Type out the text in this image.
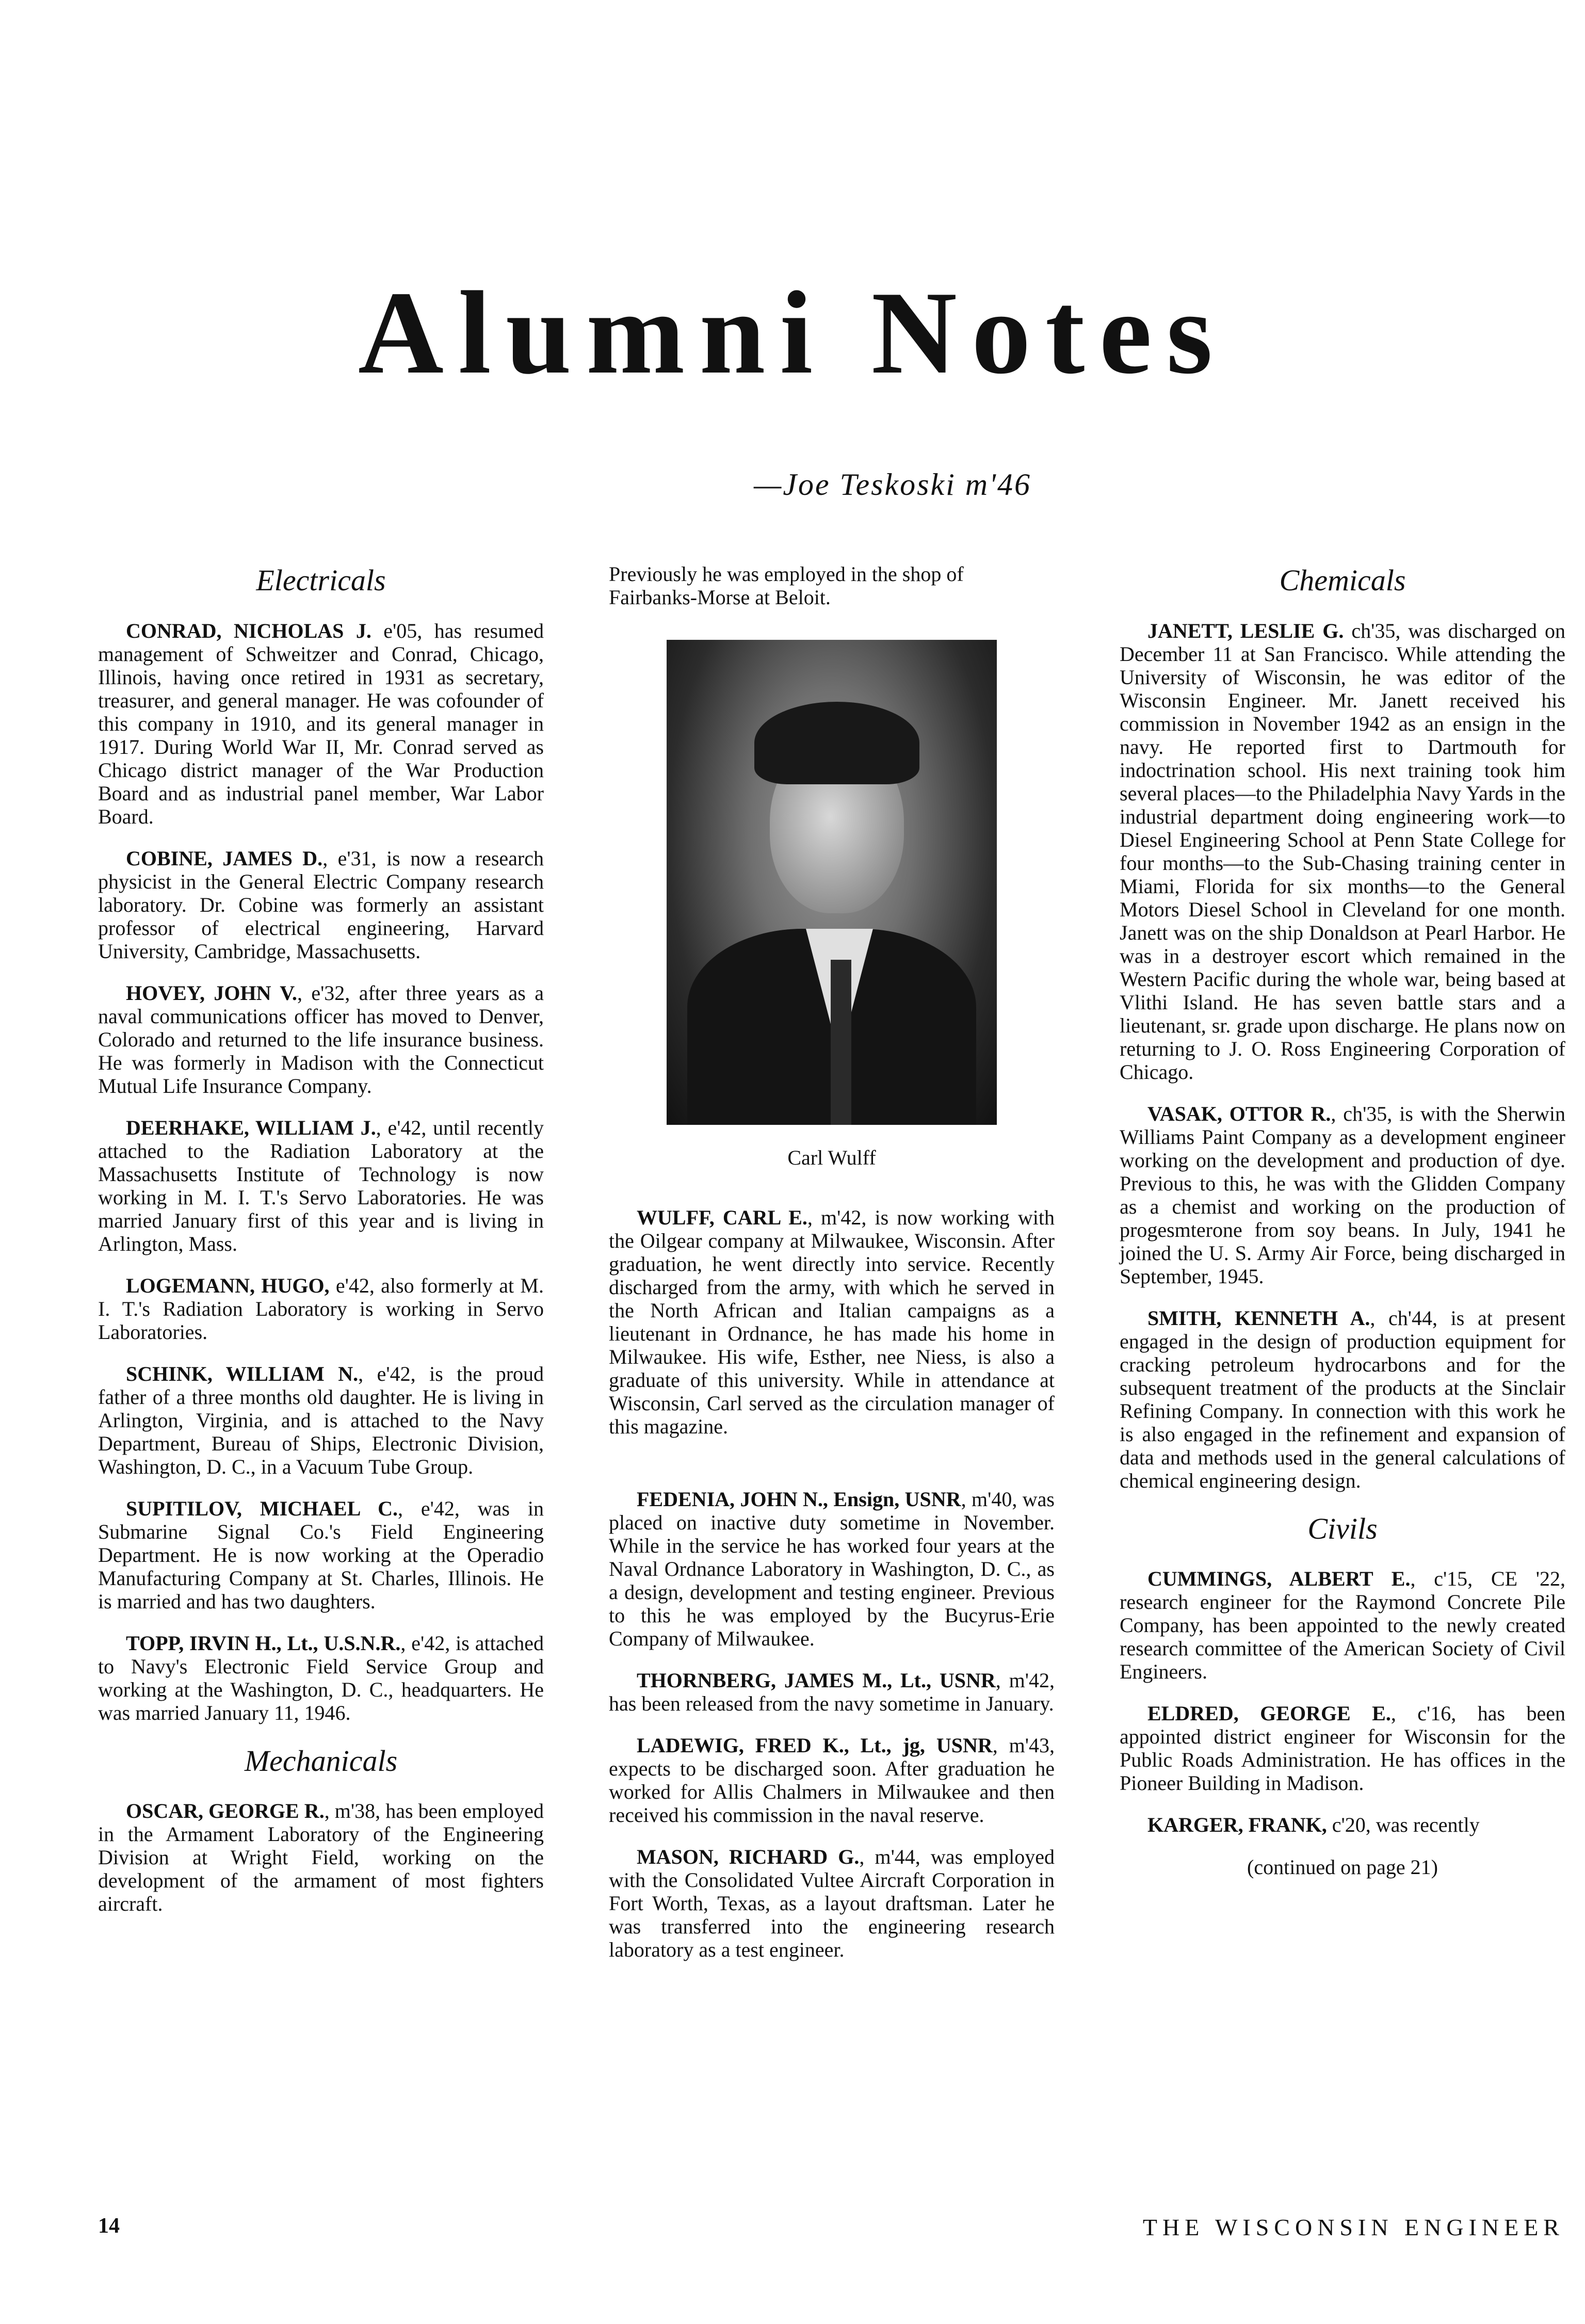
Alumni Notes
—Joe Teskoski m'46
Electricals

CONRAD, NICHOLAS J. e'05, has resumed management of Schweitzer and Conrad, Chicago, Illinois, having once retired in 1931 as secretary, treasurer, and general manager. He was cofounder of this company in 1910, and its general manager in 1917. During World War II, Mr. Conrad served as Chicago district manager of the War Production Board and as industrial panel member, War Labor Board.

COBINE, JAMES D., e'31, is now a research physicist in the General Electric Company research laboratory. Dr. Cobine was formerly an assistant professor of electrical engineering, Harvard University, Cambridge, Massachusetts.

HOVEY, JOHN V., e'32, after three years as a naval communications officer has moved to Denver, Colorado and returned to the life insurance business. He was formerly in Madison with the Connecticut Mutual Life Insurance Company.

DEERHAKE, WILLIAM J., e'42, until recently attached to the Radiation Laboratory at the Massachusetts Institute of Technology is now working in M. I. T.'s Servo Laboratories. He was married January first of this year and is living in Arlington, Mass.

LOGEMANN, HUGO, e'42, also formerly at M. I. T.'s Radiation Laboratory is working in Servo Laboratories.

SCHINK, WILLIAM N., e'42, is the proud father of a three months old daughter. He is living in Arlington, Virginia, and is attached to the Navy Department, Bureau of Ships, Electronic Division, Washington, D. C., in a Vacuum Tube Group.

SUPITILOV, MICHAEL C., e'42, was in Submarine Signal Co.'s Field Engineering Department. He is now working at the Operadio Manufacturing Company at St. Charles, Illinois. He is married and has two daughters.

TOPP, IRVIN H., Lt., U.S.N.R., e'42, is attached to Navy's Electronic Field Service Group and working at the Washington, D. C., headquarters. He was married January 11, 1946.

Mechanicals

OSCAR, GEORGE R., m'38, has been employed in the Armament Laboratory of the Engineering Division at Wright Field, working on the development of the armament of most fighters aircraft.

Previously he was employed in the shop of Fairbanks-Morse at Beloit.

Carl Wulff

WULFF, CARL E., m'42, is now working with the Oilgear company at Milwaukee, Wisconsin. After graduation, he went directly into service. Recently discharged from the army, with which he served in the North African and Italian campaigns as a lieutenant in Ordnance, he has made his home in Milwaukee. His wife, Esther, nee Niess, is also a graduate of this university. While in attendance at Wisconsin, Carl served as the circulation manager of this magazine.

FEDENIA, JOHN N., Ensign, USNR, m'40, was placed on inactive duty sometime in November. While in the service he has worked four years at the Naval Ordnance Laboratory in Washington, D. C., as a design, development and testing engineer. Previous to this he was employed by the Bucyrus-Erie Company of Milwaukee.

THORNBERG, JAMES M., Lt., USNR, m'42, has been released from the navy sometime in January.

LADEWIG, FRED K., Lt., jg, USNR, m'43, expects to be discharged soon. After graduation he worked for Allis Chalmers in Milwaukee and then received his commission in the naval reserve.

MASON, RICHARD G., m'44, was employed with the Consolidated Vultee Aircraft Corporation in Fort Worth, Texas, as a layout draftsman. Later he was transferred into the engineering research laboratory as a test engineer.

Chemicals

JANETT, LESLIE G. ch'35, was discharged on December 11 at San Francisco. While attending the University of Wisconsin, he was editor of the Wisconsin Engineer. Mr. Janett received his commission in November 1942 as an ensign in the navy. He reported first to Dartmouth for indoctrination school. His next training took him several places—to the Philadelphia Navy Yards in the industrial department doing engineering work—to Diesel Engineering School at Penn State College for four months—to the Sub-Chasing training center in Miami, Florida for six months—to the General Motors Diesel School in Cleveland for one month. Janett was on the ship Donaldson at Pearl Harbor. He was in a destroyer escort which remained in the Western Pacific during the whole war, being based at Vlithi Island. He has seven battle stars and a lieutenant, sr. grade upon discharge. He plans now on returning to J. O. Ross Engineering Corporation of Chicago.

VASAK, OTTOR R., ch'35, is with the Sherwin Williams Paint Company as a development engineer working on the development and production of dye. Previous to this, he was with the Glidden Company as a chemist and working on the production of progesmterone from soy beans. In July, 1941 he joined the U. S. Army Air Force, being discharged in September, 1945.

SMITH, KENNETH A., ch'44, is at present engaged in the design of production equipment for cracking petroleum hydrocarbons and for the subsequent treatment of the products at the Sinclair Refining Company. In connection with this work he is also engaged in the refinement and expansion of data and methods used in the general calculations of chemical engineering design.

Civils

CUMMINGS, ALBERT E., c'15, CE '22, research engineer for the Raymond Concrete Pile Company, has been appointed to the newly created research committee of the American Society of Civil Engineers.

ELDRED, GEORGE E., c'16, has been appointed district engineer for Wisconsin for the Public Roads Administration. He has offices in the Pioneer Building in Madison.

KARGER, FRANK, c'20, was recently

(continued on page 21)
14	THE WISCONSIN ENGINEER
